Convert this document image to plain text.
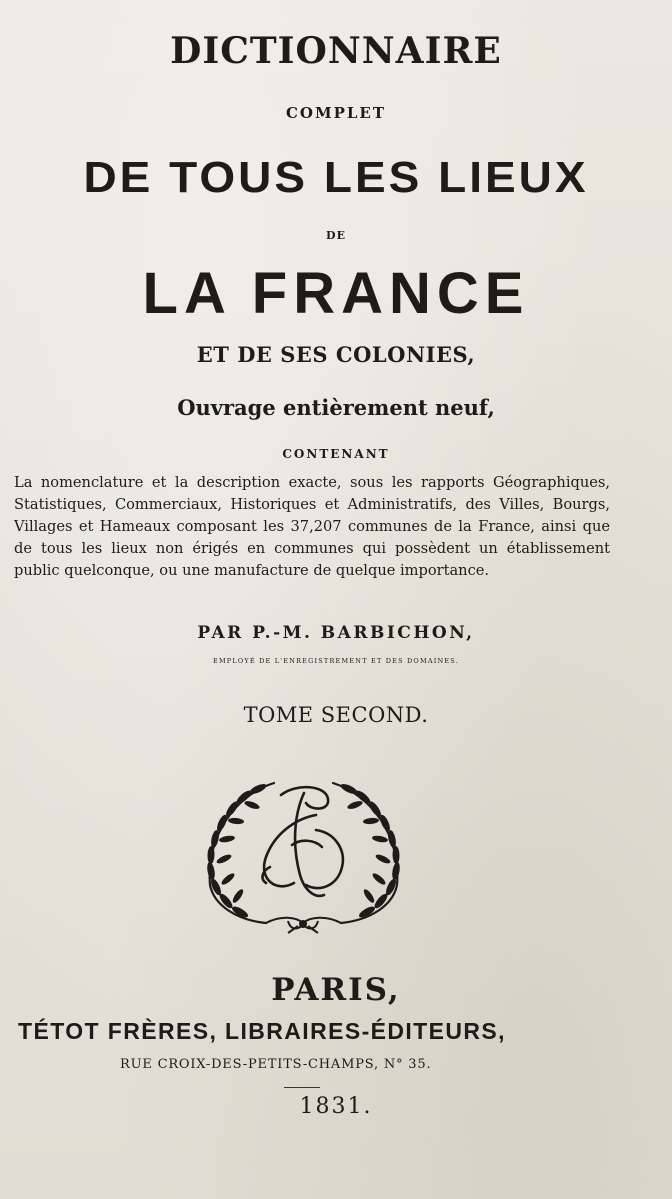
DICTIONNAIRE
COMPLET
DE TOUS LES LIEUX
DE
LA FRANCE
ET DE SES COLONIES,
Ouvrage entièrement neuf,
CONTENANT
La nomenclature et la description exacte, sous les rapports Géographiques, Statistiques, Commerciaux, Historiques et Administratifs, des Villes, Bourgs, Villages et Hameaux composant les 37,207 communes de la France, ainsi que de tous les lieux non érigés en communes qui possèdent un établissement public quelconque, ou une manufacture de quelque importance.
PAR P.-M. BARBICHON,
EMPLOYÉ DE L'ENREGISTREMENT ET DES DOMAINES.
TOME SECOND.
PARIS,
TÉTOT FRÈRES, LIBRAIRES-ÉDITEURS,
RUE CROIX-DES-PETITS-CHAMPS, N° 35.
1831.
